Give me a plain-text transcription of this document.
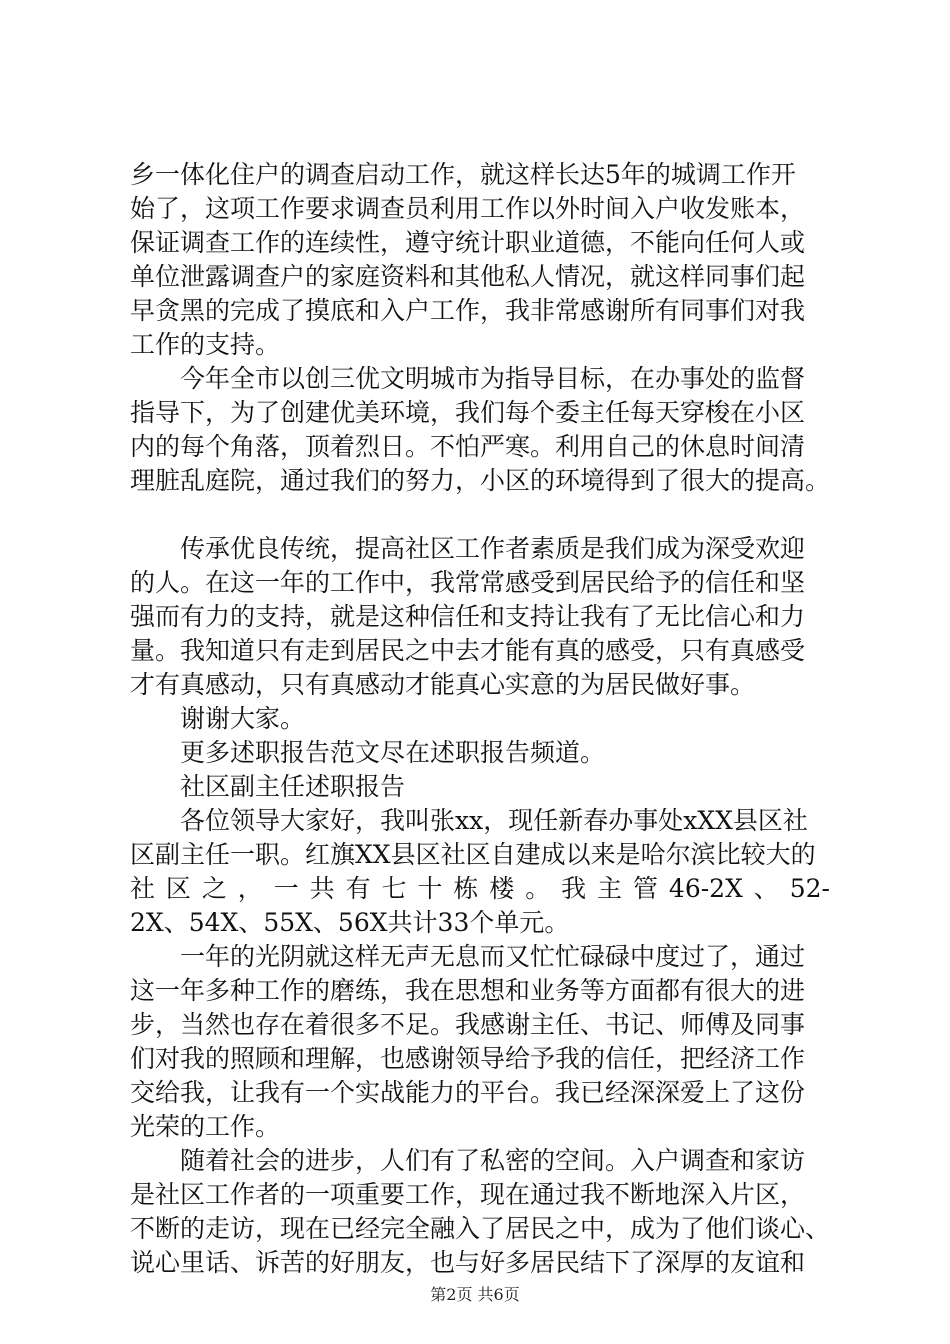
乡一体化住户的调查启动工作，就这样长达5年的城调工作开
始了，这项工作要求调查员利用工作以外时间入户收发账本，
保证调查工作的连续性，遵守统计职业道德，不能向任何人或
单位泄露调查户的家庭资料和其他私人情况，就这样同事们起
早贪黑的完成了摸底和入户工作，我非常感谢所有同事们对我
工作的支持。
今年全市以创三优文明城市为指导目标，在办事处的监督
指导下，为了创建优美环境，我们每个委主任每天穿梭在小区
内的每个角落，顶着烈日。不怕严寒。利用自己的休息时间清
理脏乱庭院，通过我们的努力，小区的环境得到了很大的提高。
传承优良传统，提高社区工作者素质是我们成为深受欢迎
的人。在这一年的工作中，我常常感受到居民给予的信任和坚
强而有力的支持，就是这种信任和支持让我有了无比信心和力
量。我知道只有走到居民之中去才能有真的感受，只有真感受
才有真感动，只有真感动才能真心实意的为居民做好事。
谢谢大家。
更多述职报告范文尽在述职报告频道。
社区副主任述职报告
各位领导大家好，我叫张xx，现任新春办事处xXX县区社
区副主任一职。红旗XX县区社区自建成以来是哈尔滨比较大的
社区之，一共有七十栋楼。我主管46-2X、52-
2X、54X、55X、56X共计33个单元。
一年的光阴就这样无声无息而又忙忙碌碌中度过了，通过
这一年多种工作的磨练，我在思想和业务等方面都有很大的进
步，当然也存在着很多不足。我感谢主任、书记、师傅及同事
们对我的照顾和理解，也感谢领导给予我的信任，把经济工作
交给我，让我有一个实战能力的平台。我已经深深爱上了这份
光荣的工作。
随着社会的进步，人们有了私密的空间。入户调查和家访
是社区工作者的一项重要工作，现在通过我不断地深入片区，
不断的走访，现在已经完全融入了居民之中，成为了他们谈心、
说心里话、诉苦的好朋友，也与好多居民结下了深厚的友谊和
第2页 共6页
